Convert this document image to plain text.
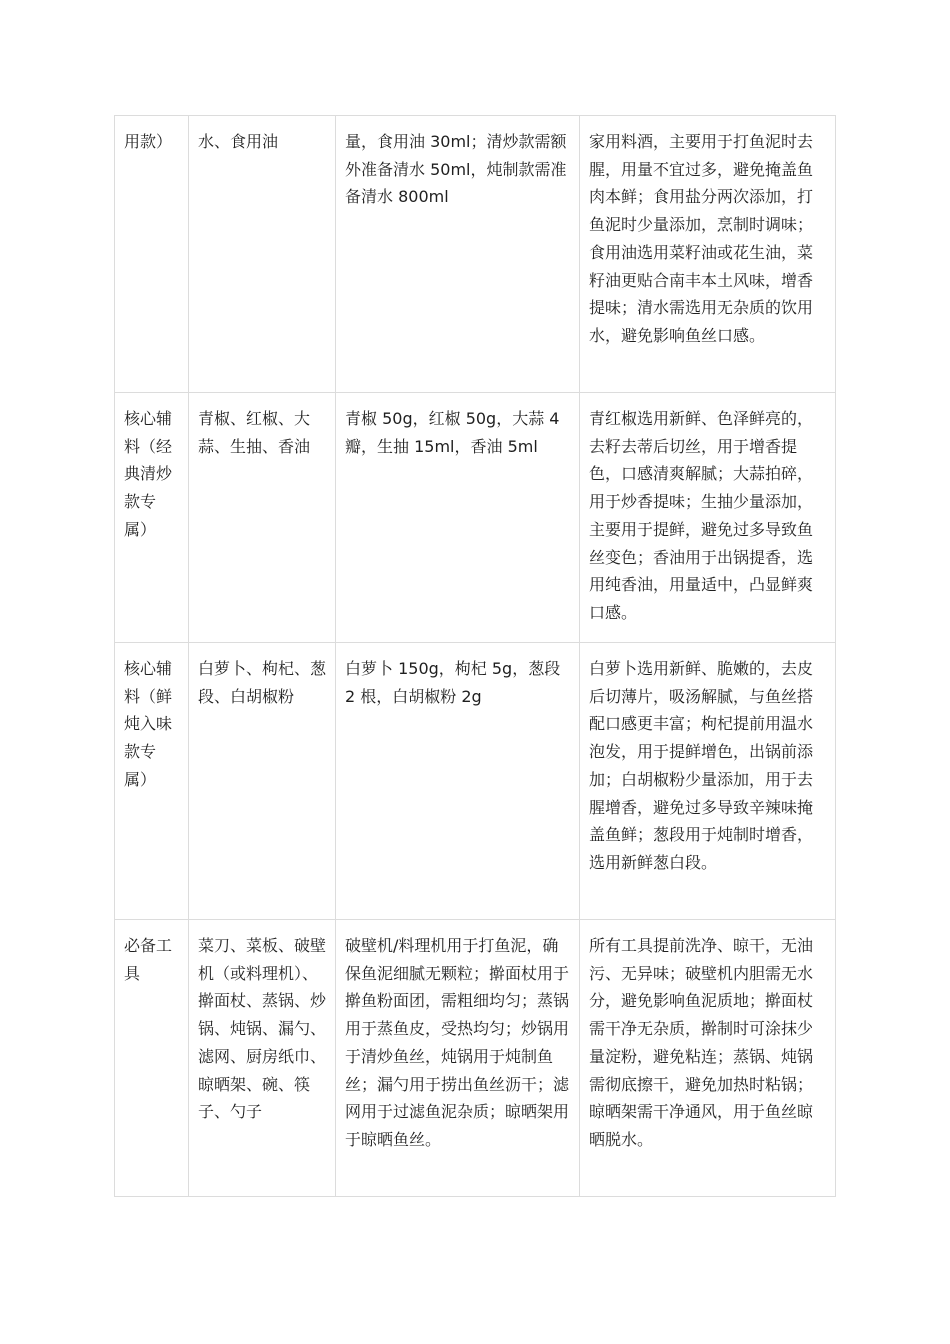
用款）	水、食用油	量，食用油 30ml；清炒款需额外准备清水 50ml，炖制款需准备清水 800ml	家用料酒，主要用于打鱼泥时去腥，用量不宜过多，避免掩盖鱼肉本鲜；食用盐分两次添加，打鱼泥时少量添加，烹制时调味；食用油选用菜籽油或花生油，菜籽油更贴合南丰本土风味，增香提味；清水需选用无杂质的饮用水，避免影响鱼丝口感。
核心辅料（经典清炒款专属）	青椒、红椒、大蒜、生抽、香油	青椒 50g，红椒 50g，大蒜 4 瓣，生抽 15ml，香油 5ml	青红椒选用新鲜、色泽鲜亮的，去籽去蒂后切丝，用于增香提色，口感清爽解腻；大蒜拍碎，用于炒香提味；生抽少量添加，主要用于提鲜，避免过多导致鱼丝变色；香油用于出锅提香，选用纯香油，用量适中，凸显鲜爽口感。
核心辅料（鲜炖入味款专属）	白萝卜、枸杞、葱段、白胡椒粉	白萝卜 150g，枸杞 5g，葱段 2 根，白胡椒粉 2g	白萝卜选用新鲜、脆嫩的，去皮后切薄片，吸汤解腻，与鱼丝搭配口感更丰富；枸杞提前用温水泡发，用于提鲜增色，出锅前添加；白胡椒粉少量添加，用于去腥增香，避免过多导致辛辣味掩盖鱼鲜；葱段用于炖制时增香，选用新鲜葱白段。
必备工具	菜刀、菜板、破壁机（或料理机）、擀面杖、蒸锅、炒锅、炖锅、漏勺、滤网、厨房纸巾、晾晒架、碗、筷子、勺子	破壁机/料理机用于打鱼泥，确保鱼泥细腻无颗粒；擀面杖用于擀鱼粉面团，需粗细均匀；蒸锅用于蒸鱼皮，受热均匀；炒锅用于清炒鱼丝，炖锅用于炖制鱼丝；漏勺用于捞出鱼丝沥干；滤网用于过滤鱼泥杂质；晾晒架用于晾晒鱼丝。	所有工具提前洗净、晾干，无油污、无异味；破壁机内胆需无水分，避免影响鱼泥质地；擀面杖需干净无杂质，擀制时可涂抹少量淀粉，避免粘连；蒸锅、炖锅需彻底擦干，避免加热时粘锅；晾晒架需干净通风，用于鱼丝晾晒脱水。
